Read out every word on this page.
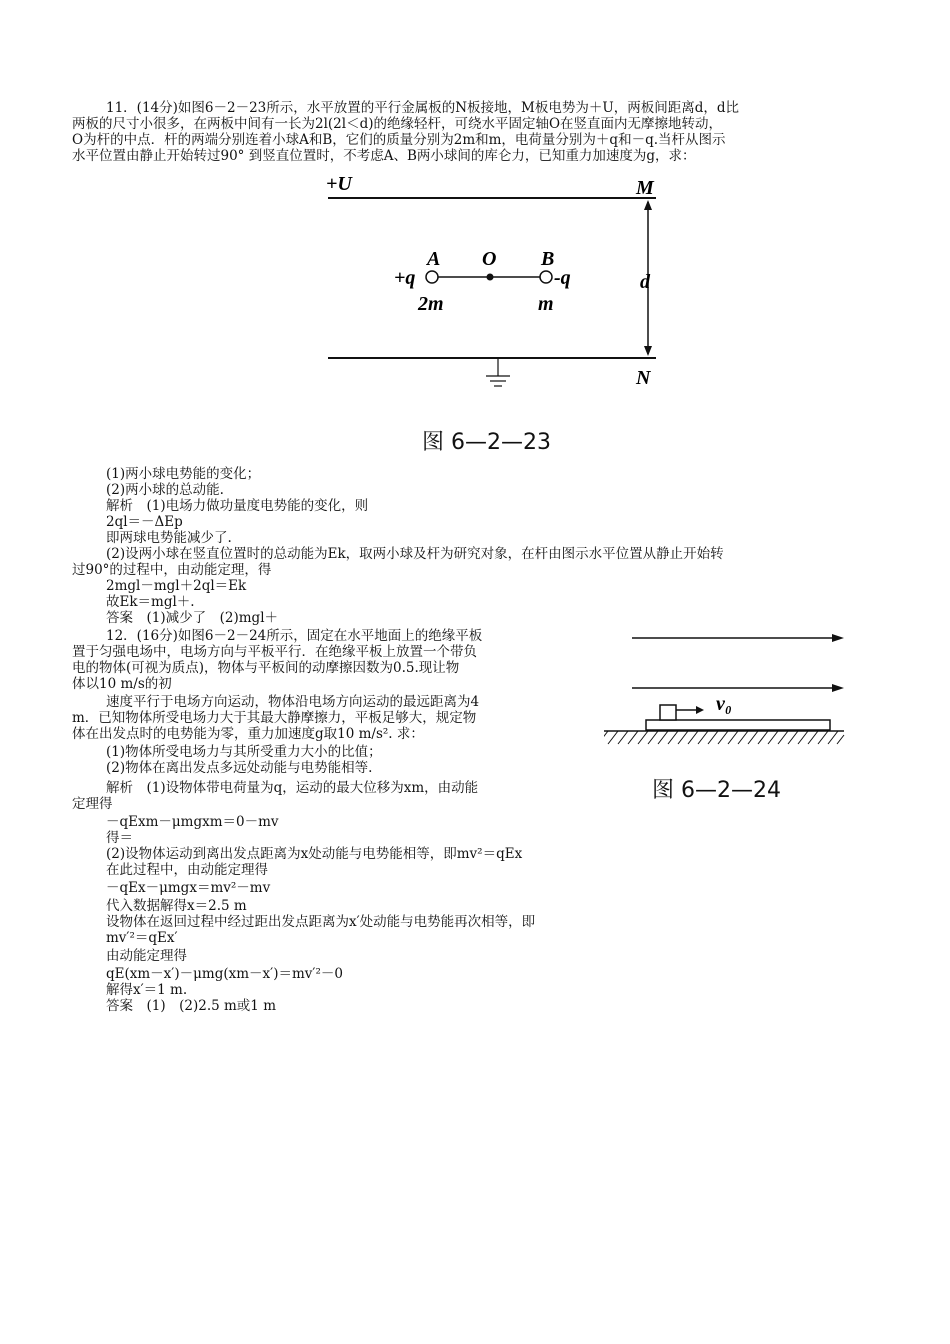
11．(14分)如图6－2－23所示，水平放置的平行金属板的N板接地，M板电势为＋U，两板间距离d，d比
两板的尺寸小很多，在两板中间有一长为2l(2l＜d)的绝缘轻杆，可绕水平固定轴O在竖直面内无摩擦地转动，
O为杆的中点．杆的两端分别连着小球A和B，它们的质量分别为2m和m，电荷量分别为＋q和－q.当杆从图示
水平位置由静止开始转过90° 到竖直位置时，不考虑A、B两小球间的库仑力，已知重力加速度为g，求：
+U	M
N
d
A O B
+q	-q
2m	m
图 6—2—23
(1)两小球电势能的变化；
(2)两小球的总动能.
解析　(1)电场力做功量度电势能的变化，则
2ql＝－ΔEp
即两球电势能减少了.
(2)设两小球在竖直位置时的总动能为Ek，取两小球及杆为研究对象，在杆由图示水平位置从静止开始转
过90°的过程中，由动能定理，得
2mgl－mgl＋2ql＝Ek
故Ek＝mgl＋.
答案　(1)减少了　(2)mgl＋
12．(16分)如图6－2－24所示，固定在水平地面上的绝缘平板
置于匀强电场中，电场方向与平板平行．在绝缘平板上放置一个带负
电的物体(可视为质点)，物体与平板间的动摩擦因数为0.5.现让物
体以10 m/s的初
速度平行于电场方向运动，物体沿电场方向运动的最远距离为4
m．已知物体所受电场力大于其最大静摩擦力，平板足够大，规定物
体在出发点时的电势能为零，重力加速度g取10 m/s². 求：
(1)物体所受电场力与其所受重力大小的比值；
(2)物体在离出发点多远处动能与电势能相等.
v₀
图 6—2—24
解析　(1)设物体带电荷量为q，运动的最大位移为xm，由动能
定理得
－qExm－μmgxm＝0－mv
得＝
(2)设物体运动到离出发点距离为x处动能与电势能相等，即mv²＝qEx
在此过程中，由动能定理得
－qEx－μmgx＝mv²－mv
代入数据解得x＝2.5 m
设物体在返回过程中经过距出发点距离为x′处动能与电势能再次相等，即
mv′²＝qEx′
由动能定理得
qE(xm－x′)－μmg(xm－x′)＝mv′²－0
解得x′＝1 m.
答案　(1)　(2)2.5 m或1 m
